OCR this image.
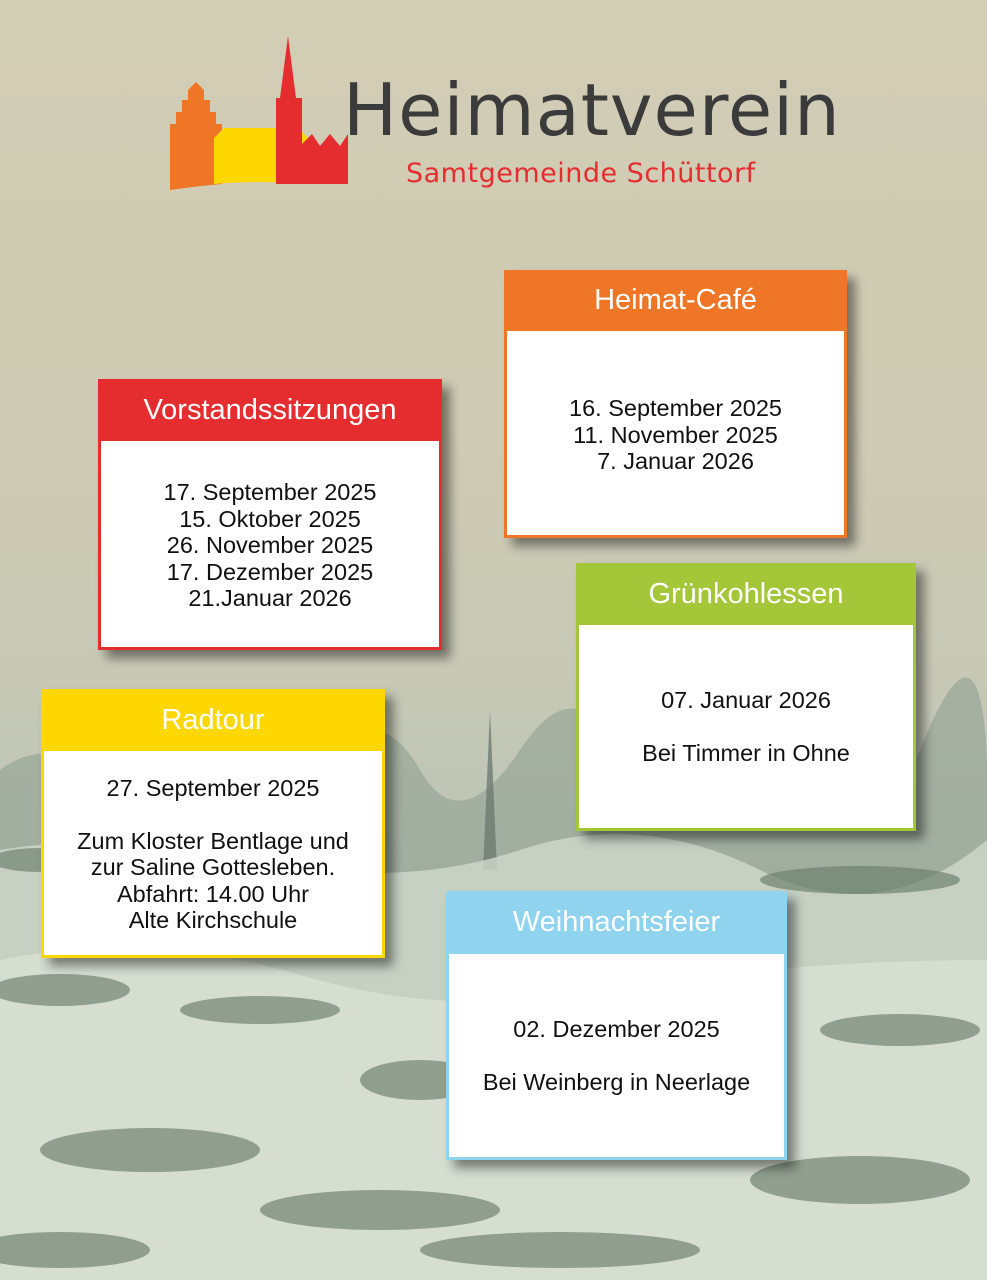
Heimatverein
Samtgemeinde Schüttorf
Vorstandssitzungen
17. September 2025
15. Oktober 2025
26. November 2025
17. Dezember 2025
21.Januar 2026
Heimat-Café
16. September 2025
11. November 2025
7. Januar 2026
Grünkohlessen
07. Januar 2026
Bei Timmer in Ohne
Radtour
27. September 2025
Zum Kloster Bentlage und
zur Saline Gottesleben.
Abfahrt: 14.00 Uhr
Alte Kirchschule	Weihnachtsfeier
02. Dezember 2025
Bei Weinberg in Neerlage
